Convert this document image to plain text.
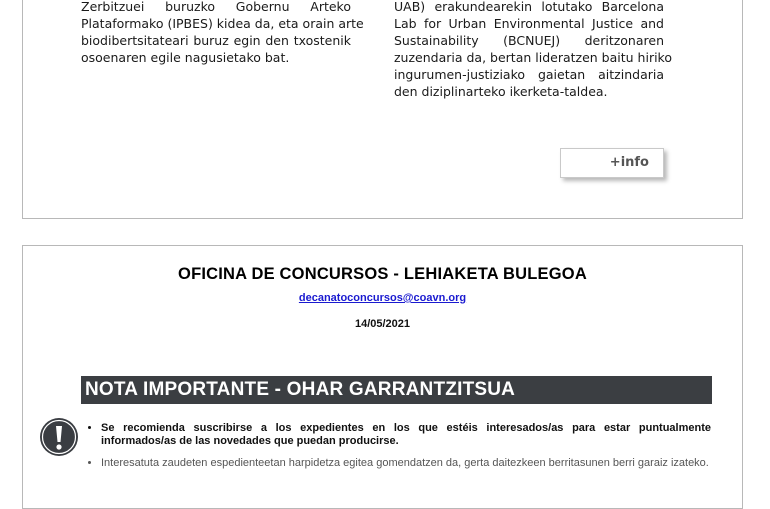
Zerbitzuei buruzko Gobernu Arteko
Plataformako (IPBES) kidea da, eta orain arte
biodibertsitateari buruz egin den txostenik
osoenaren egile nagusietako bat.
UAB) erakundearekin lotutako Barcelona
Lab for Urban Environmental Justice and
Sustainability (BCNUEJ) deritzonaren
zuzendaria da, bertan lideratzen baitu hiriko
ingurumen-justiziako gaietan aitzindaria
den diziplinarteko ikerketa-taldea.
+info
OFICINA DE CONCURSOS - LEHIAKETA BULEGOA
decanatoconcursos@coavn.org
14/05/2021
NOTA IMPORTANTE - OHAR GARRANTZITSUA
• Se recomienda suscribirse a los expedientes en los que estéis interesados/as para estar puntualmente informados/as de las novedades que puedan producirse.
• Interesatuta zaudeten espedienteetan harpidetza egitea gomendatzen da, gerta daitezkeen berritasunen berri garaiz izateko.
